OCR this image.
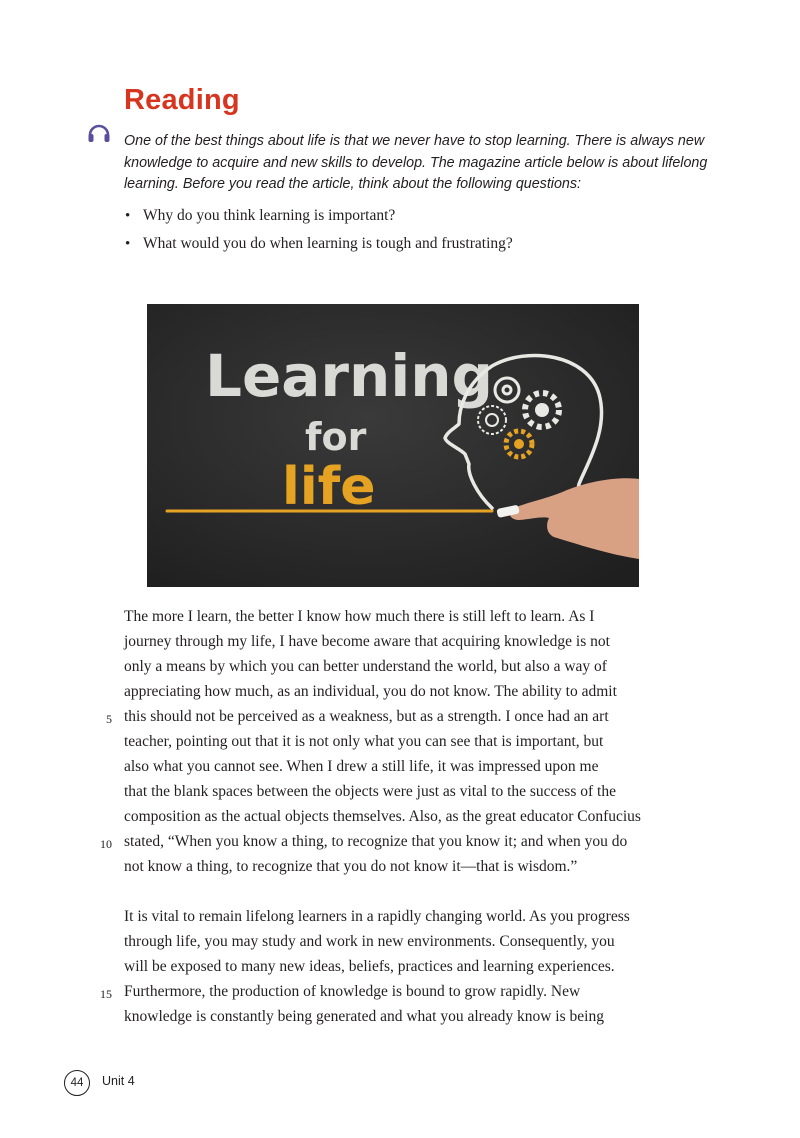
Reading
One of the best things about life is that we never have to stop learning. There is always new
knowledge to acquire and new skills to develop. The magazine article below is about lifelong
learning. Before you read the article, think about the following questions:
• Why do you think learning is important?
• What would you do when learning is tough and frustrating?
Learning
for
life
The more I learn, the better I know how much there is still left to learn. As I
journey through my life, I have become aware that acquiring knowledge is not
only a means by which you can better understand the world, but also a way of
appreciating how much, as an individual, you do not know. The ability to admit
this should not be perceived as a weakness, but as a strength. I once had an art
teacher, pointing out that it is not only what you can see that is important, but
also what you cannot see. When I drew a still life, it was impressed upon me
that the blank spaces between the objects were just as vital to the success of the
composition as the actual objects themselves. Also, as the great educator Confucius
stated, “When you know a thing, to recognize that you know it; and when you do
not know a thing, to recognize that you do not know it—that is wisdom.”
It is vital to remain lifelong learners in a rapidly changing world. As you progress
through life, you may study and work in new environments. Consequently, you
will be exposed to many new ideas, beliefs, practices and learning experiences.
Furthermore, the production of knowledge is bound to grow rapidly. New
knowledge is constantly being generated and what you already know is being
5
10
15
44	Unit 4
